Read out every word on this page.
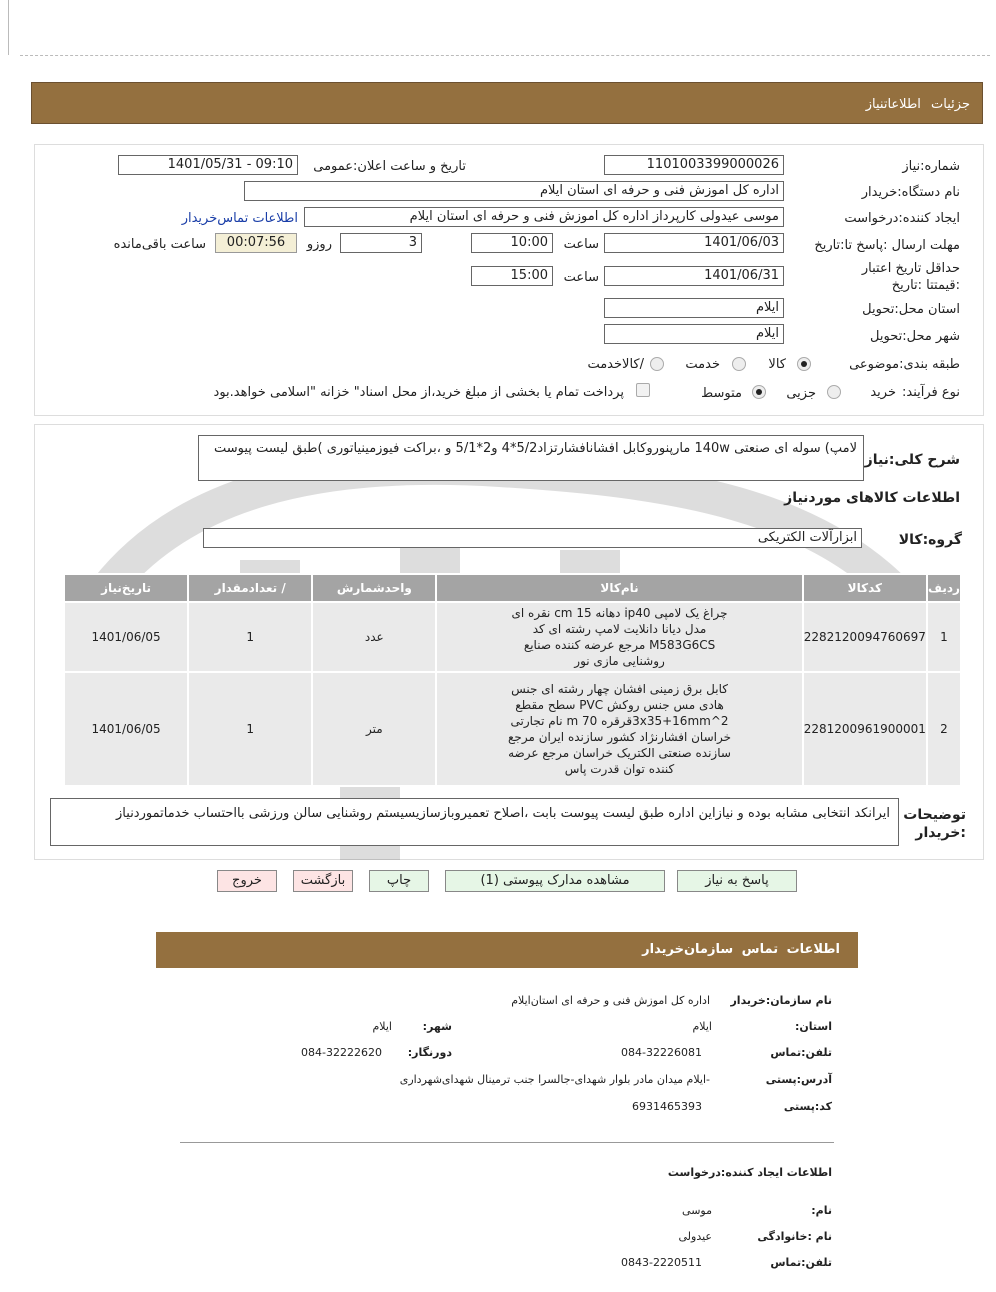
جزئیات اطلاعاتنیاز
شماره:نیاز
1101003399000026
تاریخ و ساعت اعلان:عمومی
1401/05/31 - 09:10
نام دستگاه:خریدار
اداره کل اموزش فنی و حرفه ای استان ایلام
ایجاد کننده:درخواست
موسی عیدولی کارپرداز اداره کل اموزش فنی و حرفه ای استان ایلام
اطلاعات تماس‌خریدار
مهلت ارسال :پاسخ تا:تاریخ
1401/06/03
ساعت
10:00
3
روزو
00:07:56
ساعت باقی‌مانده
حداقل تاریخ اعتبار :قیمتتا :تاریخ
1401/06/31
ساعت
15:00
استان محل:تحویل
ایلام
شهر محل:تحویل
ایلام
طبقه بندی:موضوعی
کالا
خدمت
/کالاخدمت
نوع فرآیند:
خرید
جزیی
متوسط
پرداخت تمام یا بخشی از مبلغ خرید،از محل اسناد" خزانه "اسلامی خواهد.بود
شرح کلی:نیاز
لامپ) سوله ای صنعتی 140w مارپنوروکابل افشانافشارتزاد5/2*4 و2*5/1 و ،براکت فیوزمینیاتوری )طبق لیست پیوست
اطلاعات کالاهای موردنیاز
گروه:کالا
ابزارآلات الکتریکی
ردیف	کدکالا	نام‌کالا	واحدشمارش	/ تعدادمقدار	تاریخ‌نیاز
1	2282120094760697	چراغ یک لامپی ip40 دهانه 15 cm نقره ای مدل دیانا دانلایت لامپ رشته ای کد M583G6CS مرجع عرضه کننده صنایع روشنایی مازی نور	عدد	1	1401/06/05
2	2281200961900001	کابل برق زمینی افشان چهار رشته ای جنس هادی مس جنس روکش PVC سطح مقطع 2^3x35+16mmقرقره 70 m نام تجارتی خراسان افشارنژاد کشور سازنده ایران مرجع سازنده صنعتی الکتریک خراسان مرجع عرضه کننده توان قدرت پاس	متر	1	1401/06/05
توضیحات :خریدار
ایرانکد انتخابی مشابه بوده و نیازاین اداره طبق لیست پیوست بابت ،اصلاح تعمیروبازسازیسیستم روشنایی سالن ورزشی بااحتساب خدماتموردنیاز
پاسخ به نیاز
مشاهده مدارک پیوستی (1)
چاپ
بازگشت
خروج
اطلاعات تماس سازمان‌خریدار
نام سازمان:خریدار
اداره کل اموزش فنی و حرفه ای استان‌ایلام
استان:
ایلام
شهر:
ایلام
تلفن:تماس
084-32226081
دورنگار:
084-32222620
آدرس:پستی
-ایلام میدان مادر بلوار شهدای-جالسرا جنب ترمینال شهدای‌شهرداری
کد:پستی
6931465393
اطلاعات ایجاد کننده:درخواست
نام:
موسی
نام :خانوادگی
عیدولی
تلفن:تماس
0843-2220511
